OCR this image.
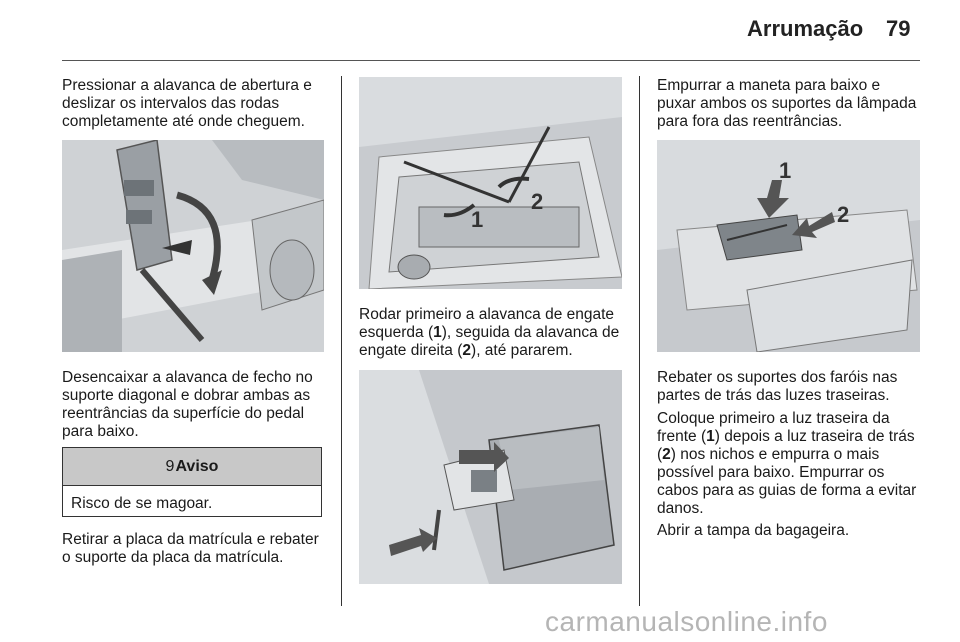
Arrumação 79
Pressionar a alavanca de abertura e deslizar os intervalos das rodas completamente até onde cheguem.
Desencaixar a alavanca de fecho no suporte diagonal e dobrar ambas as reentrâncias da superfície do pedal para baixo.
9 Aviso
Risco de se magoar.
Retirar a placa da matrícula e rebater o suporte da placa da matrícula.
1
2
Rodar primeiro a alavanca de engate esquerda (1), seguida da alavanca de engate direita (2), até pararem.
Empurrar a maneta para baixo e puxar ambos os suportes da lâmpada para fora das reentrâncias.
1
2
Rebater os suportes dos faróis nas partes de trás das luzes traseiras.
Coloque primeiro a luz traseira da frente (1) depois a luz traseira de trás (2) nos nichos e empurra o mais possível para baixo. Empurrar os cabos para as guias de forma a evitar danos.
Abrir a tampa da bagageira.
carmanualsonline.info
